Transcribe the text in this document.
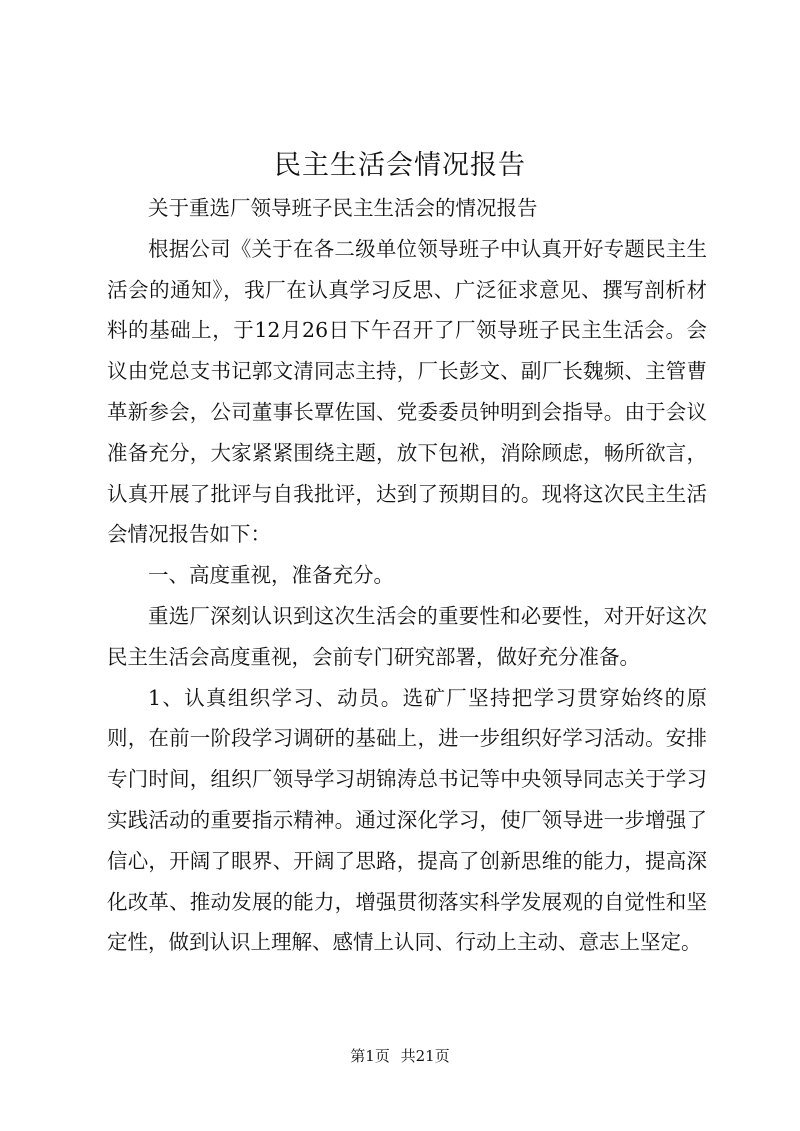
民主生活会情况报告

关于重选厂领导班子民主生活会的情况报告

根据公司《关于在各二级单位领导班子中认真开好专题民主生活会的通知》，我厂在认真学习反思、广泛征求意见、撰写剖析材料的基础上，于12月26日下午召开了厂领导班子民主生活会。会议由党总支书记郭文清同志主持，厂长彭文、副厂长魏频、主管曹革新参会，公司董事长覃佐国、党委委员钟明到会指导。由于会议准备充分，大家紧紧围绕主题，放下包袱，消除顾虑，畅所欲言，认真开展了批评与自我批评，达到了预期目的。现将这次民主生活会情况报告如下：

一、高度重视，准备充分。

重选厂深刻认识到这次生活会的重要性和必要性，对开好这次民主生活会高度重视，会前专门研究部署，做好充分准备。

1、认真组织学习、动员。选矿厂坚持把学习贯穿始终的原则，在前一阶段学习调研的基础上，进一步组织好学习活动。安排专门时间，组织厂领导学习胡锦涛总书记等中央领导同志关于学习实践活动的重要指示精神。通过深化学习，使厂领导进一步增强了信心，开阔了眼界、开阔了思路，提高了创新思维的能力，提高深化改革、推动发展的能力，增强贯彻落实科学发展观的自觉性和坚定性，做到认识上理解、感情上认同、行动上主动、意志上坚定。

第1页 共21页
